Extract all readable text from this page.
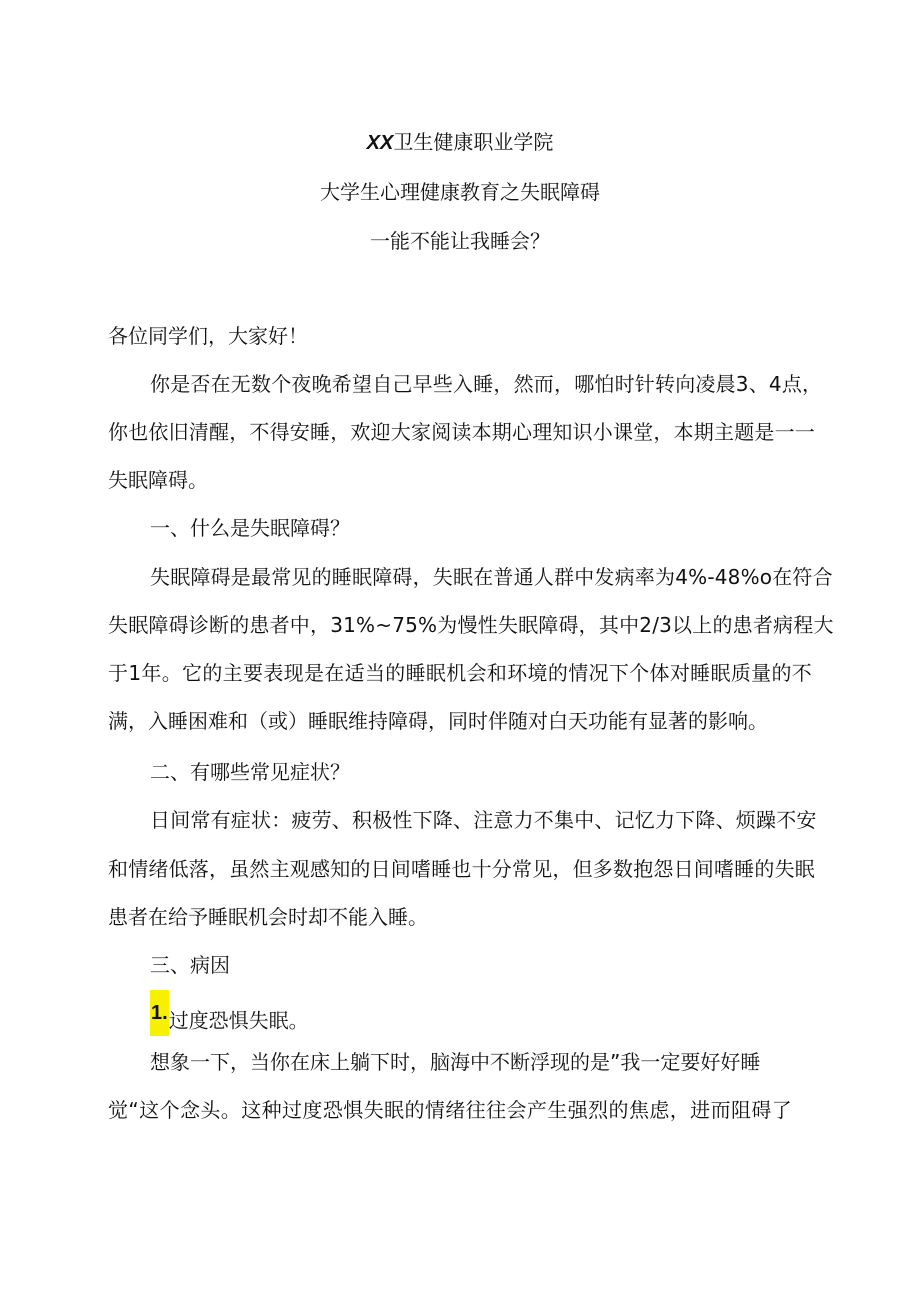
XX卫生健康职业学院
大学生心理健康教育之失眠障碍
一能不能让我睡会？
各位同学们，大家好！
你是否在无数个夜晚希望自己早些入睡，然而，哪怕时针转向凌晨3、4点，
你也依旧清醒，不得安睡，欢迎大家阅读本期心理知识小课堂，本期主题是一一
失眠障碍。
一、什么是失眠障碍？
失眠障碍是最常见的睡眠障碍，失眠在普通人群中发病率为4%-48%o在符合
失眠障碍诊断的患者中，31%~75%为慢性失眠障碍，其中2/3以上的患者病程大
于1年。它的主要表现是在适当的睡眠机会和环境的情况下个体对睡眠质量的不
满，入睡困难和（或）睡眠维持障碍，同时伴随对白天功能有显著的影响。
二、有哪些常见症状？
日间常有症状：疲劳、积极性下降、注意力不集中、记忆力下降、烦躁不安
和情绪低落，虽然主观感知的日间嗜睡也十分常见，但多数抱怨日间嗜睡的失眠
患者在给予睡眠机会时却不能入睡。
三、病因
1.过度恐惧失眠。
想象一下，当你在床上躺下时，脑海中不断浮现的是”我一定要好好睡
觉“这个念头。这种过度恐惧失眠的情绪往往会产生强烈的焦虑，进而阻碍了
